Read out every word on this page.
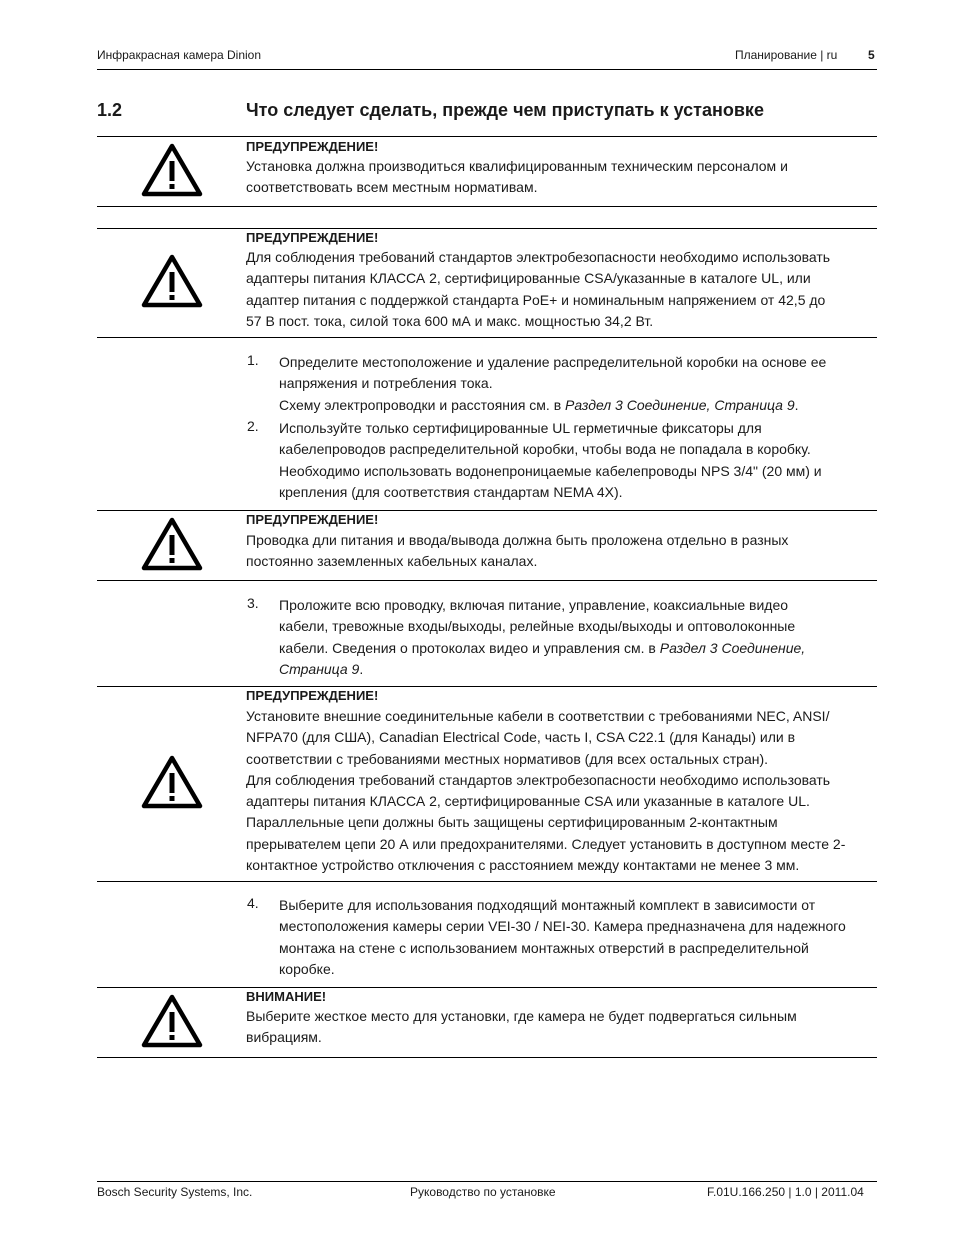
Инфракрасная камера Dinion	Планирование | ru	5
1.2	Что следует сделать, прежде чем приступать к установке
ПРЕДУПРЕЖДЕНИЕ!
Установка должна производиться квалифицированным техническим персоналом и
соответствовать всем местным нормативам.
ПРЕДУПРЕЖДЕНИЕ!
Для соблюдения требований стандартов электробезопасности необходимо использовать
адаптеры питания КЛАССА 2, сертифицированные CSA/указанные в каталоге UL, или
адаптер питания с поддержкой стандарта PoE+ и номинальным напряжением от 42,5 до
57 В пост. тока, силой тока 600 мА и макс. мощностью 34,2 Вт.
1. Определите местоположение и удаление распределительной коробки на основе ее
напряжения и потребления тока.
Схему электропроводки и расстояния см. в Раздел 3 Соединение, Страница 9.
2. Используйте только сертифицированные UL герметичные фиксаторы для
кабелепроводов распределительной коробки, чтобы вода не попадала в коробку.
Необходимо использовать водонепроницаемые кабелепроводы NPS 3/4" (20 мм) и
крепления (для соответствия стандартам NEMA 4X).
ПРЕДУПРЕЖДЕНИЕ!
Проводка дли питания и ввода/вывода должна быть проложена отдельно в разных
постоянно заземленных кабельных каналах.
3. Проложите всю проводку, включая питание, управление, коаксиальные видео
кабели, тревожные входы/выходы, релейные входы/выходы и оптоволоконные
кабели. Сведения о протоколах видео и управления см. в Раздел 3 Соединение,
Страница 9.
ПРЕДУПРЕЖДЕНИЕ!
Установите внешние соединительные кабели в соответствии с требованиями NEC, ANSI/
NFPA70 (для США), Canadian Electrical Code, часть I, CSA C22.1 (для Канады) или в
соответствии с требованиями местных нормативов (для всех остальных стран).
Для соблюдения требований стандартов электробезопасности необходимо использовать
адаптеры питания КЛАССА 2, сертифицированные CSA или указанные в каталоге UL.
Параллельные цепи должны быть защищены сертифицированным 2-контактным
прерывателем цепи 20 А или предохранителями. Следует установить в доступном месте 2-
контактное устройство отключения с расстоянием между контактами не менее 3 мм.
4. Выберите для использования подходящий монтажный комплект в зависимости от
местоположения камеры серии VEI-30 / NEI-30. Камера предназначена для надежного
монтажа на стене с использованием монтажных отверстий в распределительной
коробке.
ВНИМАНИЕ!
Выберите жесткое место для установки, где камера не будет подвергаться сильным
вибрациям.
Bosch Security Systems, Inc.	Руководство по установке	F.01U.166.250 | 1.0 | 2011.04
